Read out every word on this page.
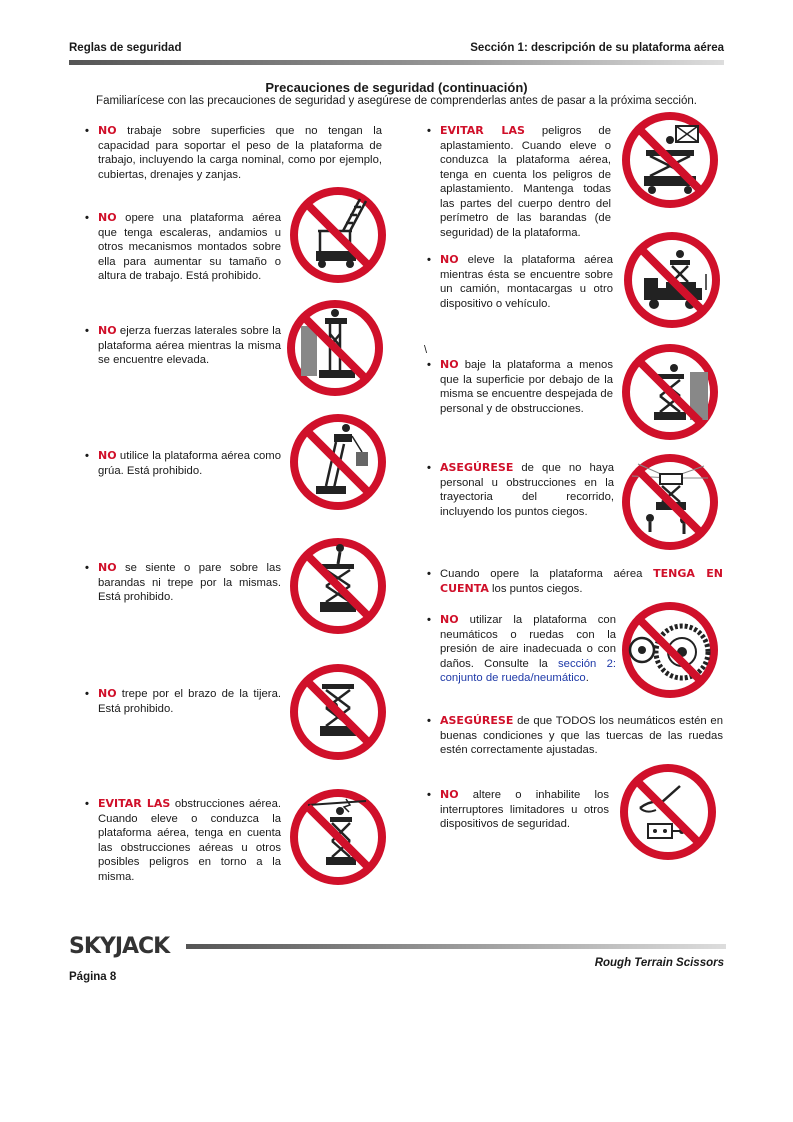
Reglas de seguridad	Sección 1: descripción de su plataforma aérea
Precauciones de seguridad (continuación)
Familiarícese con las precauciones de seguridad y asegúrese de comprenderlas antes de pasar a la próxima sección.
• NO trabaje sobre superficies que no tengan la capacidad para soportar el peso de la plataforma de trabajo, incluyendo la carga nominal, como por ejemplo, cubiertas, drenajes y zanjas.
• NO opere una plataforma aérea que tenga escaleras, andamios u otros mecanismos montados sobre ella para aumentar su tamaño o altura de trabajo. Está prohibido.
• NO ejerza fuerzas laterales sobre la plataforma aérea mientras la misma se encuentre elevada.
• NO utilice la plataforma aérea como grúa. Está prohibido.
• NO se siente o pare sobre las barandas ni trepe por la mismas. Está prohibido.
• NO trepe por el brazo de la tijera. Está prohibido.
• EVITAR LAS obstrucciones aérea. Cuando eleve o conduzca la plataforma aérea, tenga en cuenta las obstrucciones aéreas u otros posibles peligros en torno a la misma.
• EVITAR LAS peligros de aplastamiento. Cuando eleve o conduzca la plataforma aérea, tenga en cuenta los peligros de aplastamiento. Mantenga todas las partes del cuerpo dentro del perímetro de las barandas (de seguridad) de la plataforma.
• NO eleve la plataforma aérea mientras ésta se encuentre sobre un camión, montacargas u otro dispositivo o vehículo.
\
• NO baje la plataforma a menos que la superficie por debajo de la misma se encuentre despejada de personal y de obstrucciones.
• ASEGÚRESE de que no haya personal u obstrucciones en la trayectoria del recorrido, incluyendo los puntos ciegos.
• Cuando opere la plataforma aérea TENGA EN CUENTA los puntos ciegos.
• NO utilizar la plataforma con neumáticos o ruedas con la presión de aire inadecuada o con daños. Consulte la sección 2: conjunto de rueda/neumático.
• ASEGÚRESE de que TODOS los neumáticos estén en buenas condiciones y que las tuercas de las ruedas estén correctamente ajustadas.
• NO altere o inhabilite los interruptores limitadores u otros dispositivos de seguridad.
SKYJACK
Rough Terrain Scissors
Página 8
